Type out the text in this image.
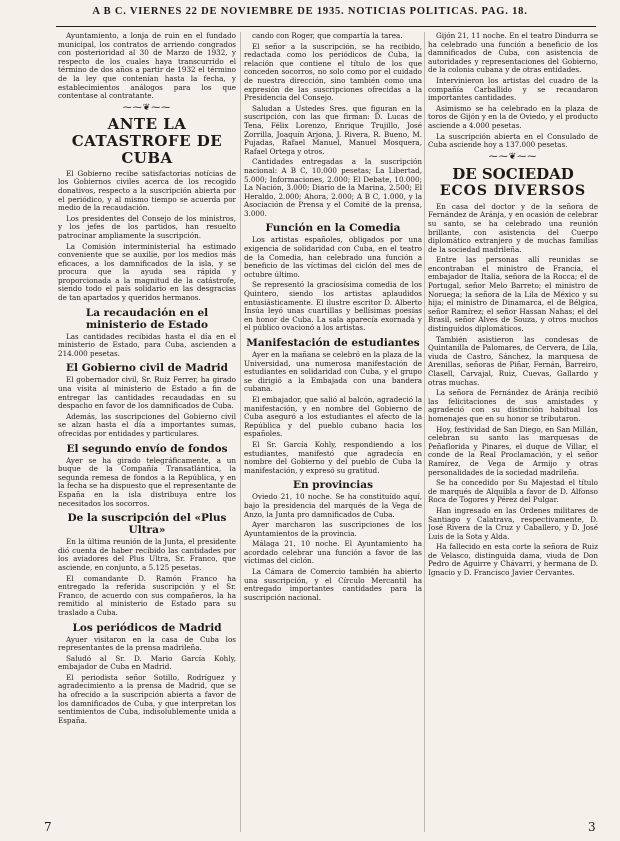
A B C. VIERNES 22 DE NOVIEMBRE DE 1935. NOTICIAS POLITICAS. PAG. 18.

Ayuntamiento, a lonja de ruin en el fundado municipal, los contratos de arriendo congrados con posterioridad al 30 de Marzo de 1932, y respecto de los cuales haya transcurrido el término de dos años a partir de 1932 el término de la ley que contenían hasta la fecha, y establecimientos análogos para los que contentase al contratante.

⁓⁓❦⁓⁓
ANTE LA CATASTROFE DE CUBA

El Gobierno recibe satisfactorias notícias de los Gobiernos civiles acerca de los recogido donativos, respecto a la suscripción abierta por el periódico, y al mismo tiempo se acuerda por medio de la recaudación.

Los presidentes del Consejo de los ministros, y los jefes de los partidos, han resuelto patrocinar ampliamente la suscripción.

La Comisión interministerial ha estimado conveniente que se auxilie, por los medios más eficaces, a los damnificados de la isla, y se procura que la ayuda sea rápida y proporcionada a la magnitud de la catástrofe, siendo todo el país solidario en las desgracias de tan apartados y queridos hermanos.

La recaudación en el ministerio de Estado

Las cantidades recibidas hasta el día en el ministerio de Estado, para Cuba, ascienden a 214.000 pesetas.

El Gobierno civil de Madrid

El gobernador civil, Sr. Ruiz Ferrer, ha girado una visita al ministerio de Estado a fin de entregar las cantidades recaudadas en su despacho en favor de los damnificados de Cuba.

Además, las suscripciones del Gobierno civil se alzan hasta el día a importantes sumas, ofrecidas por entidades y particulares.

El segundo envío de fondos

Ayer se ha girado telegráficamente, a un buque de la Compañía Transatlántica, la segunda remesa de fondos a la República, y en la fecha se ha dispuesto que el representante de España en la isla distribuya entre los necesitados los socorros.

De la suscripción del «Plus Ultra»

En la última reunión de la Junta, el presidente dió cuenta de haber recibido las cantidades por los aviadores del Plus Ultra, Sr. Franco, que asciende, en conjunto, a 5.125 pesetas.

El comandante D. Ramón Franco ha entregado la referida suscripción y el Sr. Franco, de acuerdo con sus compañeros, la ha remitido al ministerio de Estado para su traslado a Cuba.

Los periódicos de Madrid

Ayuer visitaron en la casa de Cuba los representantes de la prensa madrileña.

Saludó al Sr. D. Mario García Kohly, embajador de Cuba en Madrid.

El periodista señor Sotillo, Rodríguez y agradecimiento a la prensa de Madrid, que se ha ofrecido a la suscripción abierta a favor de los damnificados de Cuba, y que interpretan los sentimientos de Cuba, indisolublemente unida a España.

cando con Roger, que compartía la tarea.

El señor a la suscripción, se ha recibido, redactada como los periódicos de Cuba, la relación que contiene el título de los que conceden socorros, no solo como por el cuidado de nuestra dirección, sino también como una expresión de las suscripciones ofrecidas a la Presidencia del Consejo.

Saludan a Ustedes Sres. que figuran en la suscripción, con las que firman: D. Lucas de Tena, Félix Lorenzo, Enrique Trujillo, José Zorrilla, Joaquín Arjona, J. Rivera, R. Bueno, M. Pujadas, Rafael Manuel, Manuel Mosquera, Rafael Ortega y otros.

Cantidades entregadas a la suscripción nacional: A B C, 10.000 pesetas; La Libertad, 5.000; Informaciones, 2.000; El Debate, 10.000; La Nación, 3.000; Diario de la Marina, 2.500; El Heraldo, 2.000; Ahora, 2.000; A B C, 1.000, y la Asociación de Prensa y el Comité de la prensa, 3.000.

Función en la Comedia

Los artistas españoles, obligados por una exigencia de solidaridad con Cuba, en el teatro de la Comedia, han celebrado una función a beneficio de las víctimas del ciclón del mes de octubre último.

Se representó la graciosísima comedia de los Quintero, siendo los artistas aplaudidos entusiásticamente. El ilustre escritor D. Alberto Insúa leyó unas cuartillas y bellísimas poesías en honor de Cuba. La sala aparecía exornada y el público ovacionó a los artistas.

Manifestación de estudiantes

Ayer en la mañana se celebró en la plaza de la Universidad, una numerosa manifestación de estudiantes en solidaridad con Cuba, y el grupo se dirigió a la Embajada con una bandera cubana.

El embajador, que salió al balcón, agradeció la manifestación, y en nombre del Gobierno de Cuba aseguró a los estudiantes el afecto de la República y del pueblo cubano hacia los españoles.

El Sr. García Kohly, respondiendo a los estudiantes, manifestó que agradecía en nombre del Gobierno y del pueblo de Cuba la manifestación, y expresó su gratitud.

En provincias

Oviedo 21, 10 noche. Se ha constituído aquí, bajo la presidencia del marqués de la Vega de Anzo, la Junta pro damnificados de Cuba.

Ayer marcharon las suscripciones de los Ayuntamientos de la provincia.

Málaga 21, 10 noche. El Ayuntamiento ha acordado celebrar una función a favor de las víctimas del ciclón.

La Cámara de Comercio también ha abierto una suscripción, y el Círculo Mercantil ha entregado importantes cantidades para la suscripción nacional.

Gijón 21, 11 noche. En el teatro Dindurra se ha celebrado una función a beneficio de los damnificados de Cuba, con asistencia de autoridades y representaciones del Gobierno, de la colonia cubana y de otras entidades.

Intervinieron los artistas del cuadro de la compañía Carballido y se recaudaron importantes cantidades.

Asimismo se ha celebrado en la plaza de toros de Gijón y en la de Oviedo, y el producto asciende a 4.000 pesetas.

La suscripción abierta en el Consulado de Cuba asciende hoy a 137.000 pesetas.

⁓⁓❦⁓⁓
DE SOCIEDAD
ECOS DIVERSOS

En casa del doctor y de la señora de Fernández de Aránja, y en ocasión de celebrar su santo, se ha celebrado una reunión brillante, con asistencia del Cuerpo diplomático extranjero y de muchas familias de la sociedad madrileña.

Entre las personas allí reunidas se encontraban el ministro de Francia, el embajador de Italia, señora de la Rocca; el de Portugal, señor Melo Barreto; el ministro de Noruega; la señora de la Lila de México y su hija; el ministro de Dinamarca, el de Bélgica, señor Ramírez; el señor Hassan Nahas; el del Brasil, señor Alves de Souza, y otros muchos distinguidos diplomáticos.

También asistieron las condesas de Quintanilla de Palomares, de Cervera, de Lila, viuda de Castro, Sánchez, la marquesa de Arenillas, señoras de Piñar, Fernán, Barreiro, Clasell, Carvajal, Ruiz, Cuevas, Gallardo y otras muchas.

La señora de Fernández de Aránja recibió las felicitaciones de sus amistades y agradeció con su distinción habitual los homenajes que en su honor se tributaron.

Hoy, festividad de San Diego, en San Millán, celebran su santo las marquesas de Peñaflorida y Pinares, el duque de Villar, el conde de la Real Proclamación, y el señor Ramírez, de Vega de Armijo y otras personalidades de la sociedad madrileña.

Se ha concedido por Su Majestad el título de marqués de Alquibla a favor de D. Alfonso Roca de Togores y Pérez del Pulgar.

Han ingresado en las Ordenes militares de Santiago y Calatrava, respectivamente, D. José Rivera de la Cruz y Caballero, y D. José Luis de la Sota y Alda.

Ha fallecido en esta corte la señora de Ruiz de Velasco, distinguida dama, viuda de Don Pedro de Aguirre y Chávarri, y hermana de D. Ignacio y D. Francisco Javier Cervantes.

7	3
